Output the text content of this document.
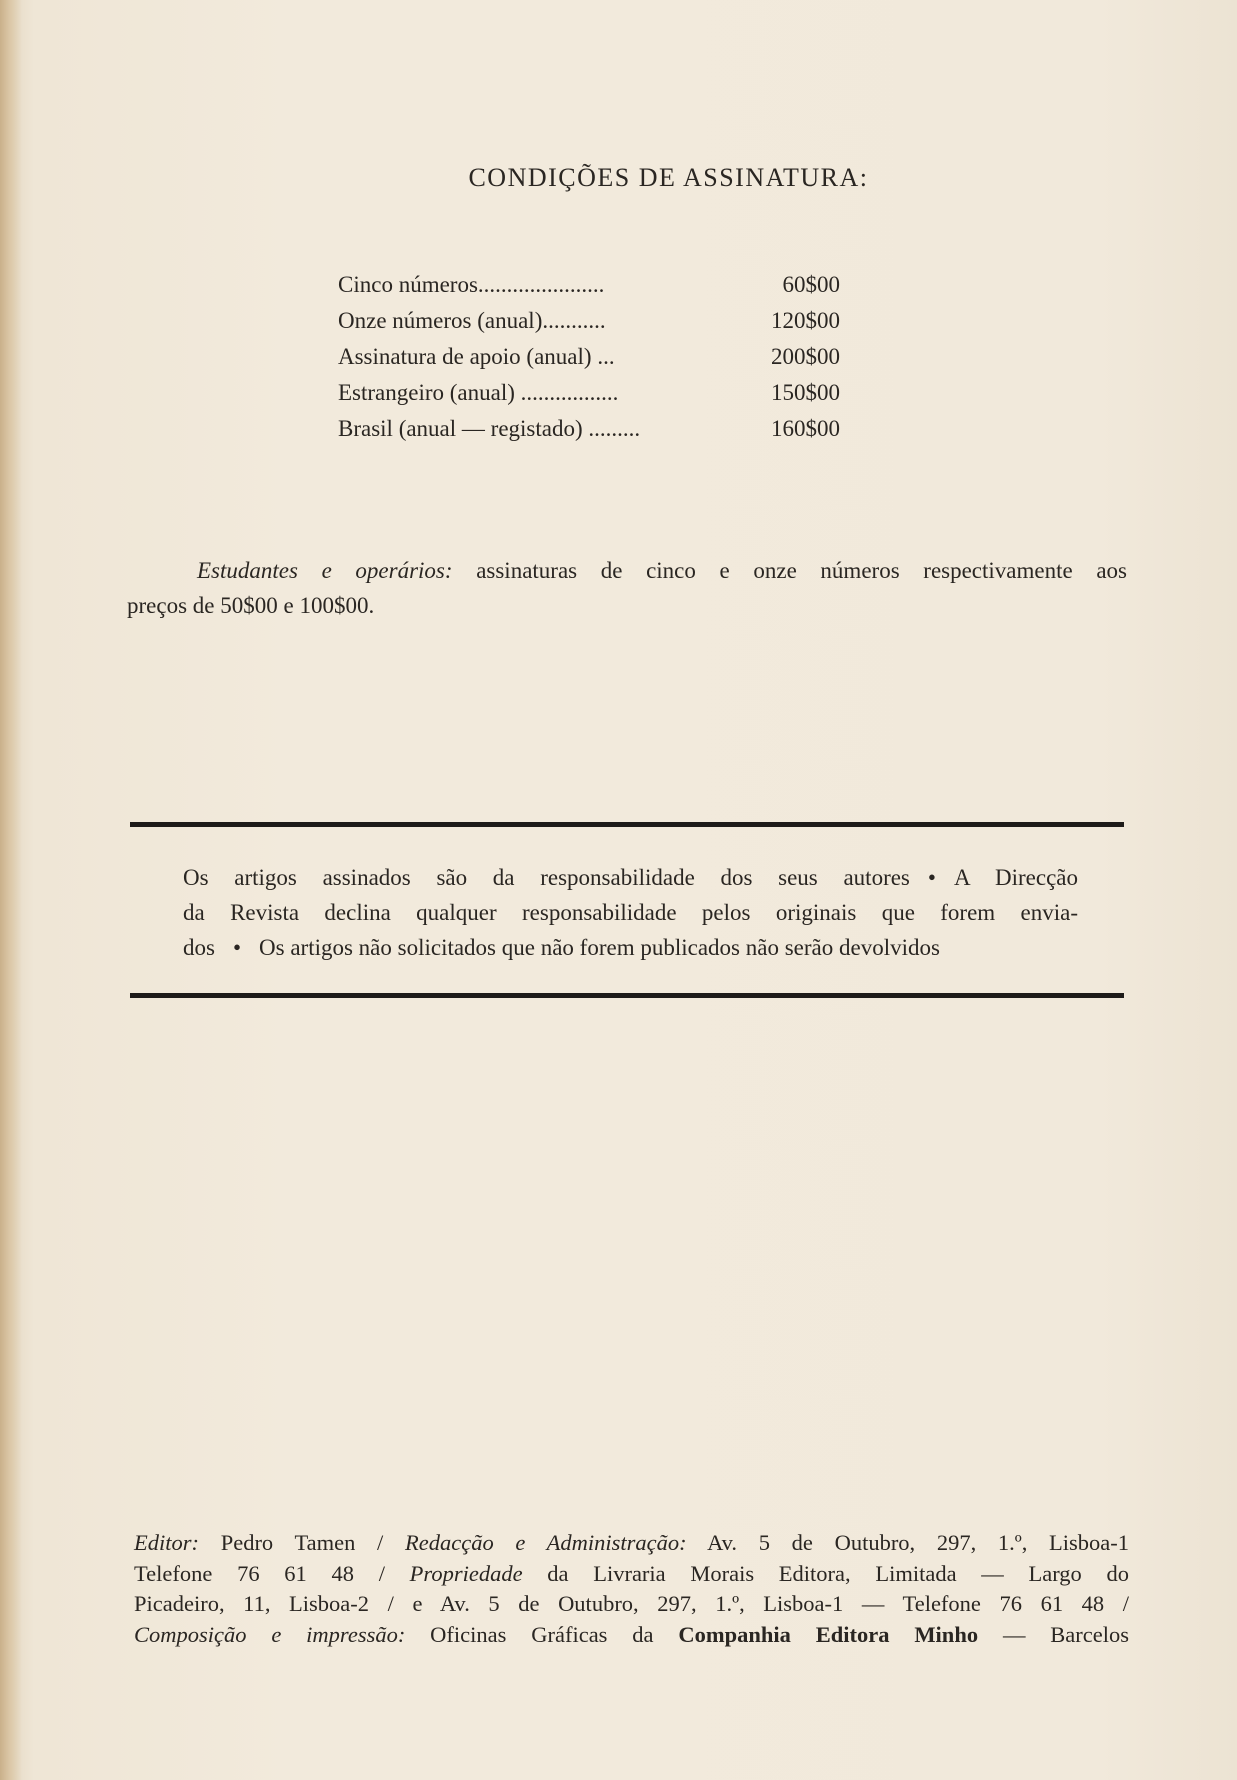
CONDIÇÕES DE ASSINATURA:
Cinco números......................	60$00
Onze números (anual)...........	120$00
Assinatura de apoio (anual) ...	200$00
Estrangeiro (anual) .................	150$00
Brasil (anual — registado) .........	160$00
Estudantes e operários: assinaturas de cinco e onze números respectivamente aos
preços de 50$00 e 100$00.
Os artigos assinados são da responsabilidade dos seus autores • A Direcção
da Revista declina qualquer responsabilidade pelos originais que forem envia-
dos • Os artigos não solicitados que não forem publicados não serão devolvidos
Editor: Pedro Tamen / Redacção e Administração: Av. 5 de Outubro, 297, 1.º, Lisboa-1
Telefone 76 61 48 / Propriedade da Livraria Morais Editora, Limitada — Largo do
Picadeiro, 11, Lisboa-2 / e Av. 5 de Outubro, 297, 1.º, Lisboa-1 — Telefone 76 61 48 /
Composição e impressão: Oficinas Gráficas da Companhia Editora Minho — Barcelos
